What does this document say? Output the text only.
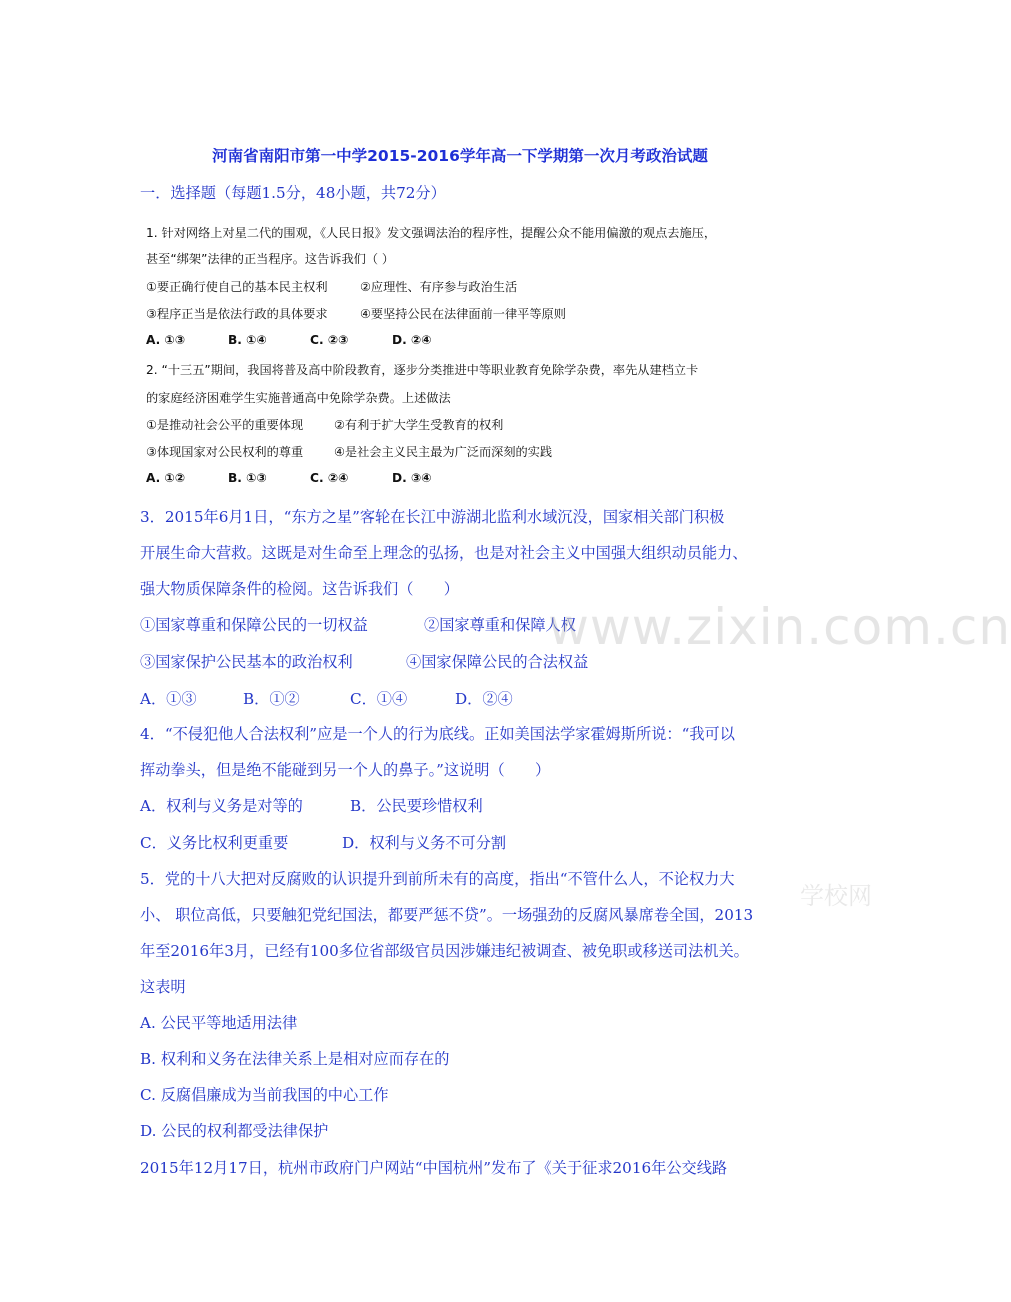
河南省南阳市第一中学2015-2016学年高一下学期第一次月考政治试题
一．选择题（每题1.5分，48小题，共72分）
1. 针对网络上对星二代的围观，《人民日报》发文强调法治的程序性，提醒公众不能用偏激的观点去施压，
甚至“绑架”法律的正当程序。这告诉我们（ ）
①要正确行使自己的基本民主权利	②应理性、有序参与政治生活
③程序正当是依法行政的具体要求	④要坚持公民在法律面前一律平等原则
A. ①③	B. ①④	C. ②③	D. ②④
2. “十三五”期间，我国将普及高中阶段教育，逐步分类推进中等职业教育免除学杂费，率先从建档立卡
的家庭经济困难学生实施普通高中免除学杂费。上述做法
①是推动社会公平的重要体现	②有利于扩大学生受教育的权利
③体现国家对公民权利的尊重	④是社会主义民主最为广泛而深刻的实践
A. ①②	B. ①③	C. ②④	D. ③④
3．2015年6月1日，“东方之星”客轮在长江中游湖北监利水域沉没，国家相关部门积极
开展生命大营救。这既是对生命至上理念的弘扬，也是对社会主义中国强大组织动员能力、
强大物质保障条件的检阅。这告诉我们（　　）
①国家尊重和保障公民的一切权益	②国家尊重和保障人权
③国家保护公民基本的政治权利	④国家保障公民的合法权益
A．①③	B．①②	C．①④	D．②④
4．“不侵犯他人合法权利”应是一个人的行为底线。正如美国法学家霍姆斯所说：“我可以
挥动拳头，但是绝不能碰到另一个人的鼻子。”这说明（　　）
A．权利与义务是对等的	B．公民要珍惜权利
C．义务比权利更重要	D．权利与义务不可分割
5．党的十八大把对反腐败的认识提升到前所未有的高度，指出“不管什么人，不论权力大
小、 职位高低，只要触犯党纪国法，都要严惩不贷”。一场强劲的反腐风暴席卷全国，2013
年至2016年3月，已经有100多位省部级官员因涉嫌违纪被调查、被免职或移送司法机关。
这表明
A. 公民平等地适用法律
B. 权利和义务在法律关系上是相对应而存在的
C. 反腐倡廉成为当前我国的中心工作
D. 公民的权利都受法律保护
2015年12月17日，杭州市政府门户网站“中国杭州”发布了《关于征求2016年公交线路
www.zixin.com.cn
学校网
